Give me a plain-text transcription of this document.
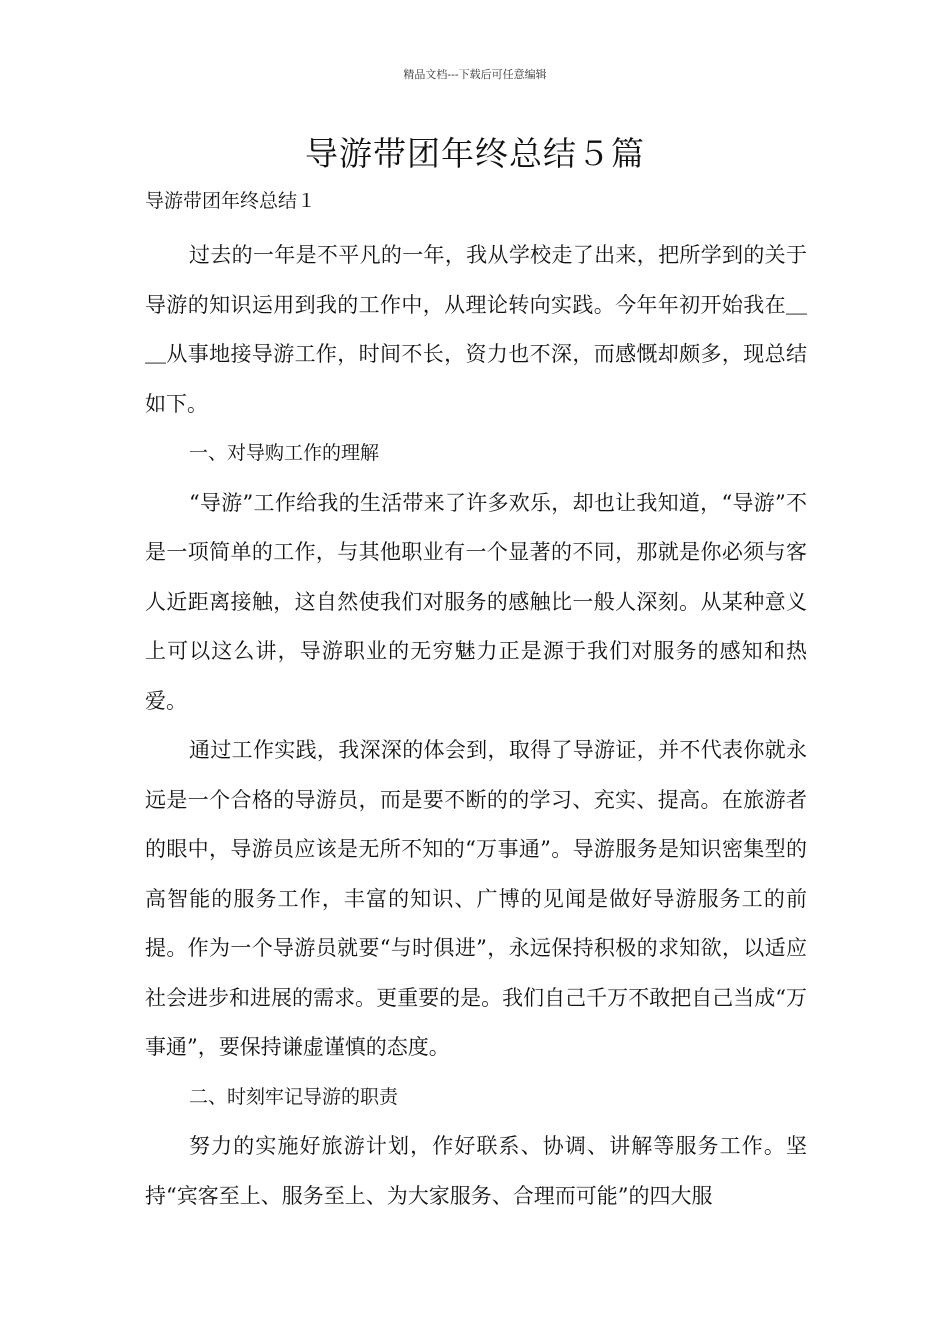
精品文档---下载后可任意编辑
导游带团年终总结５篇

导游带团年终总结１

过去的一年是不平凡的一年，我从学校走了出来，把所学到的关于导游的知识运用到我的工作中，从理论转向实践。今年年初开始我在＿＿从事地接导游工作，时间不长，资力也不深，而感慨却颇多，现总结如下。

一、对导购工作的理解

“导游”工作给我的生活带来了许多欢乐，却也让我知道，“导游”不是一项简单的工作，与其他职业有一个显著的不同，那就是你必须与客人近距离接触，这自然使我们对服务的感触比一般人深刻。从某种意义上可以这么讲，导游职业的无穷魅力正是源于我们对服务的感知和热爱。

通过工作实践，我深深的体会到，取得了导游证，并不代表你就永远是一个合格的导游员，而是要不断的的学习、充实、提高。在旅游者的眼中，导游员应该是无所不知的“万事通”。导游服务是知识密集型的高智能的服务工作，丰富的知识、广博的见闻是做好导游服务工的前提。作为一个导游员就要“与时俱进”，永远保持积极的求知欲，以适应社会进步和进展的需求。更重要的是。我们自己千万不敢把自己当成“万事通”，要保持谦虚谨慎的态度。

二、时刻牢记导游的职责

努力的实施好旅游计划，作好联系、协调、讲解等服务工作。坚持“宾客至上、服务至上、为大家服务、合理而可能”的四大服
